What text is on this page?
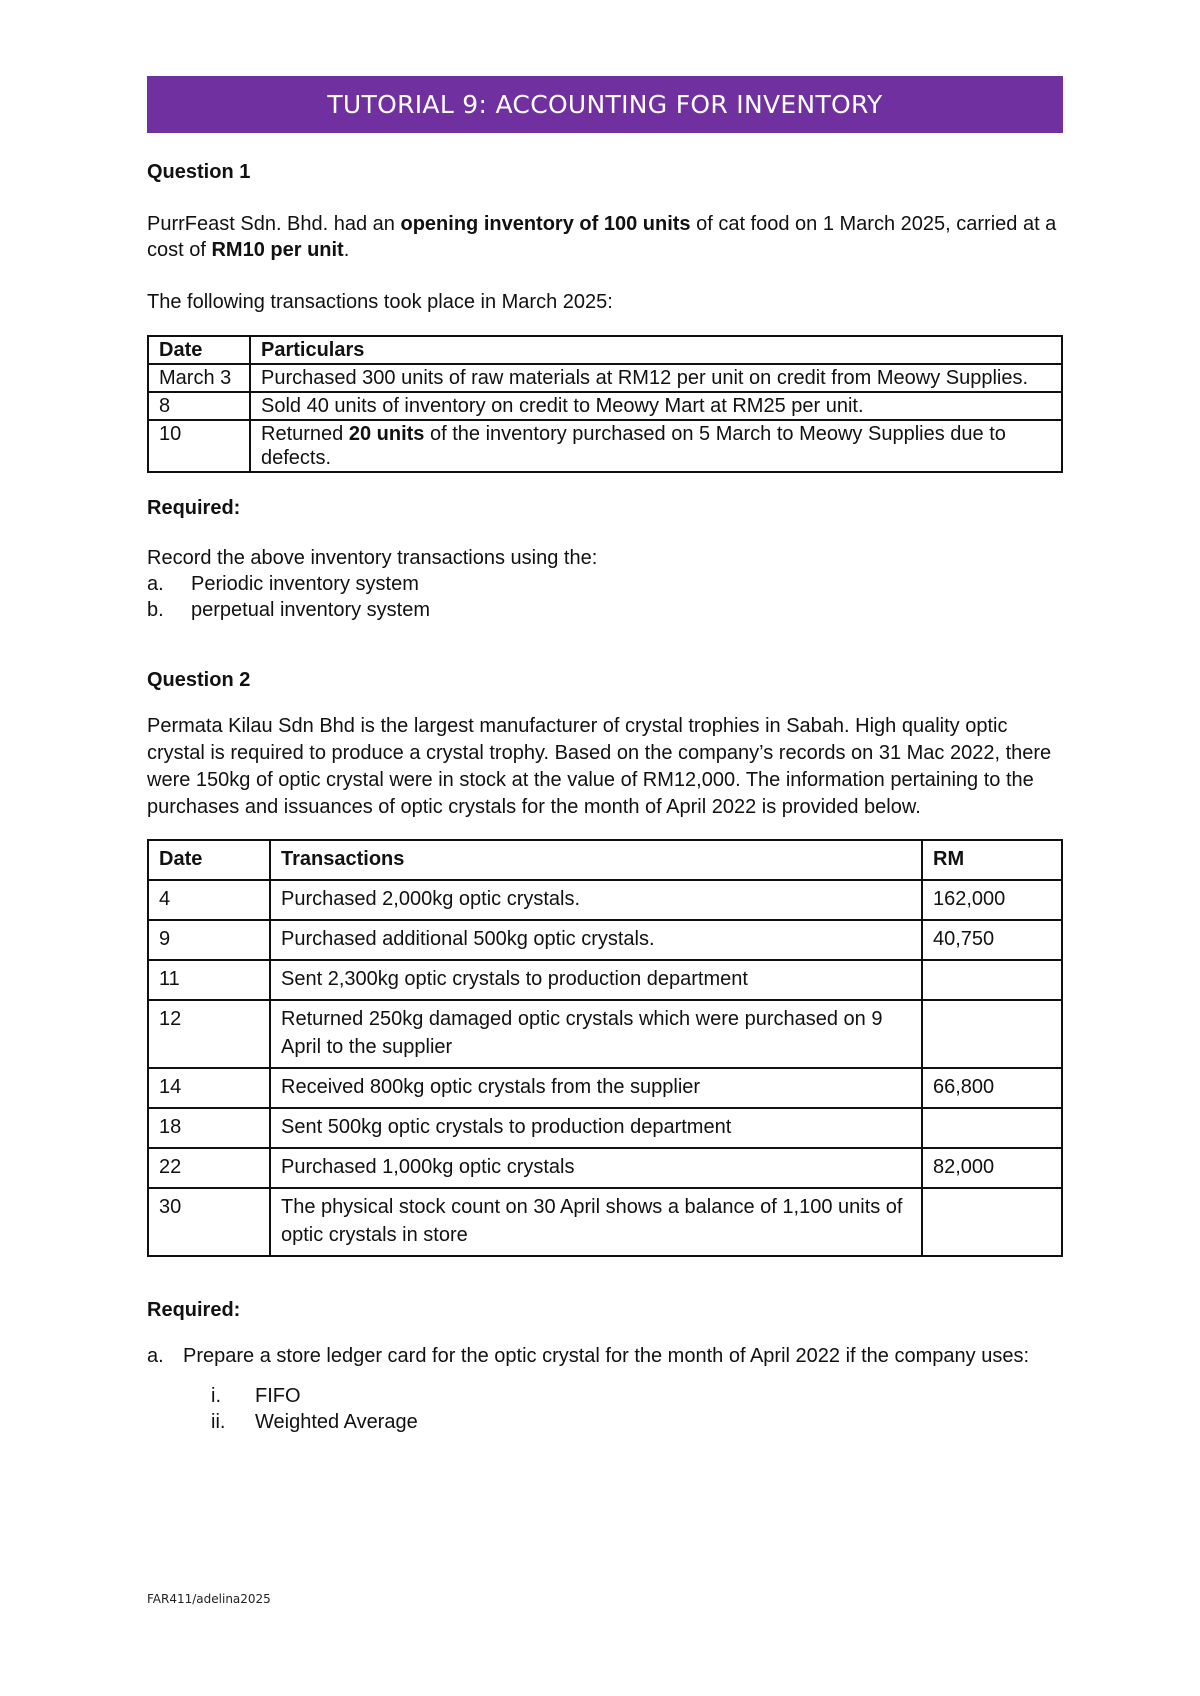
TUTORIAL 9: ACCOUNTING FOR INVENTORY

Question 1

PurrFeast Sdn. Bhd. had an opening inventory of 100 units of cat food on 1 March 2025, carried at a cost of RM10 per unit.

The following transactions took place in March 2025:

Date	Particulars
March 3	Purchased 300 units of raw materials at RM12 per unit on credit from Meowy Supplies.
8	Sold 40 units of inventory on credit to Meowy Mart at RM25 per unit.
10	Returned 20 units of the inventory purchased on 5 March to Meowy Supplies due to defects.

Required:

Record the above inventory transactions using the:

a.	Periodic inventory system
b.	perpetual inventory system

Question 2

Permata Kilau Sdn Bhd is the largest manufacturer of crystal trophies in Sabah. High quality optic crystal is required to produce a crystal trophy. Based on the company’s records on 31 Mac 2022, there were 150kg of optic crystal were in stock at the value of RM12,000. The information pertaining to the purchases and issuances of optic crystals for the month of April 2022 is provided below.

Date	Transactions	RM
4	Purchased 2,000kg optic crystals.	162,000
9	Purchased additional 500kg optic crystals.	40,750
11	Sent 2,300kg optic crystals to production department	
12	Returned 250kg damaged optic crystals which were purchased on 9 April to the supplier	
14	Received 800kg optic crystals from the supplier	66,800
18	Sent 500kg optic crystals to production department	
22	Purchased 1,000kg optic crystals	82,000
30	The physical stock count on 30 April shows a balance of 1,100 units of optic crystals in store	

Required:

a. Prepare a store ledger card for the optic crystal for the month of April 2022 if the company uses:
i.	FIFO
ii.	Weighted Average
FAR411/adelina2025
